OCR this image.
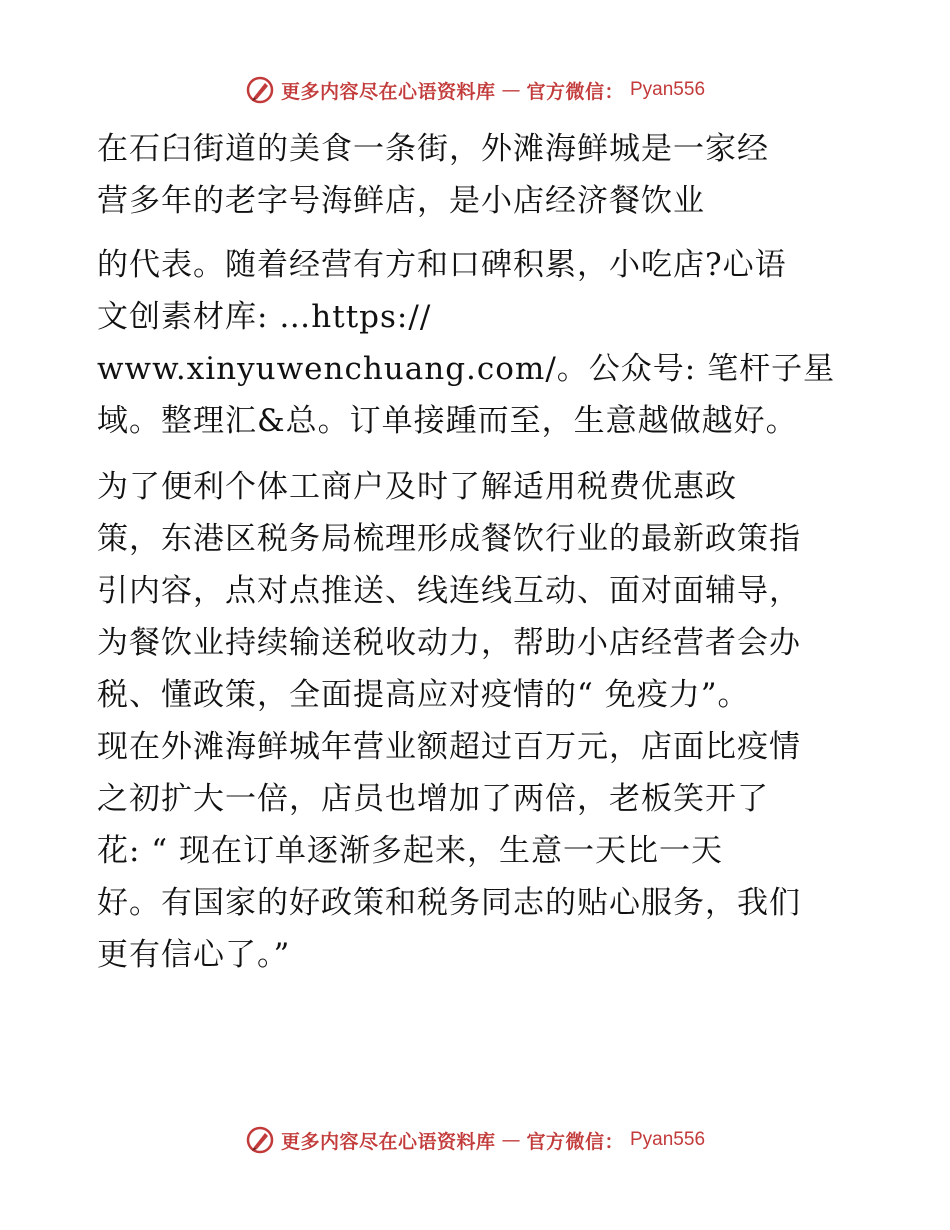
更多内容尽在心语资料库 — 官方微信： Pyan556

在石臼街道的美食一条街，外滩海鲜城是一家经

营多年的老字号海鲜店，是小店经济餐饮业

的代表。随着经营有方和口碑积累，小吃店?心语

文创素材库: …https://

www.xinyuwenchuang.com/。公众号: 笔杆子星

域。整理汇&总。订单接踵而至，生意越做越好。

为了便利个体工商户及时了解适用税费优惠政

策，东港区税务局梳理形成餐饮行业的最新政策指

引内容，点对点推送、线连线互动、面对面辅导，

为餐饮业持续输送税收动力，帮助小店经营者会办

税、懂政策，全面提高应对疫情的“ 免疫力”。

现在外滩海鲜城年营业额超过百万元，店面比疫情

之初扩大一倍，店员也增加了两倍，老板笑开了

花: “ 现在订单逐渐多起来，生意一天比一天

好。有国家的好政策和税务同志的贴心服务，我们

更有信心了。”

更多内容尽在心语资料库 — 官方微信： Pyan556
